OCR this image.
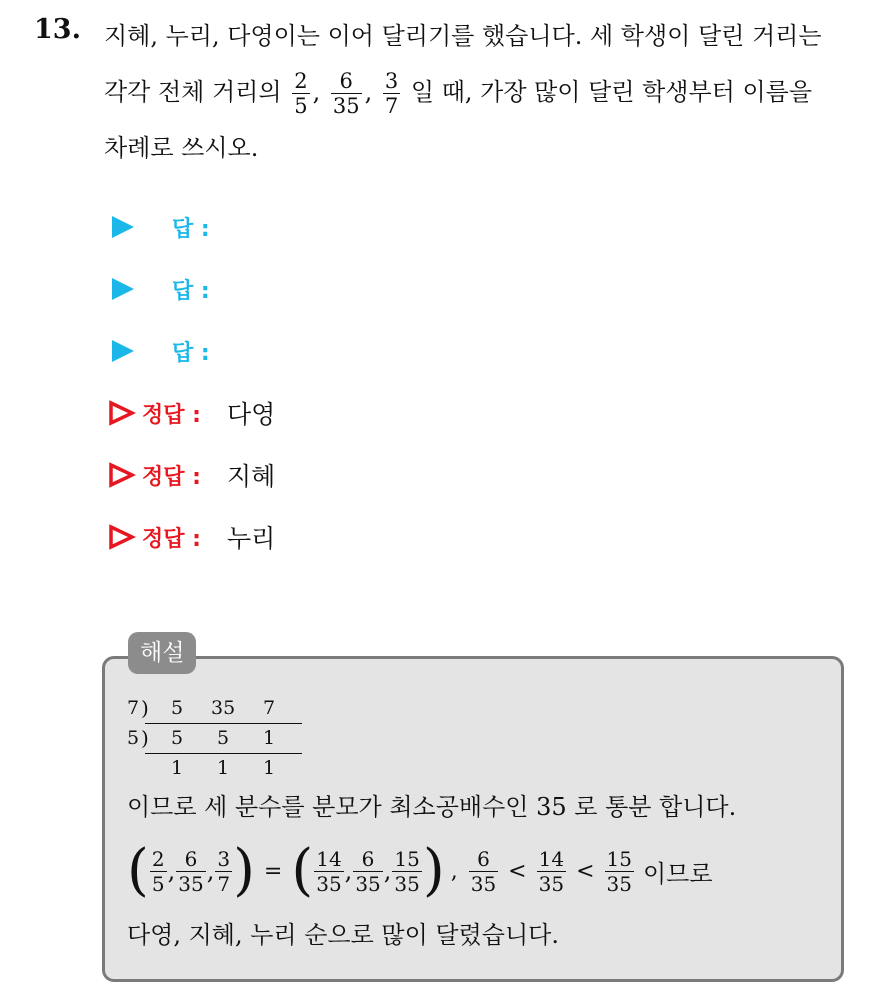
13. 지혜, 누리, 다영이는 이어 달리기를 했습니다. 세 학생이 달린 거리는
각각 전체 거리의 $\frac{2}{5}$ , $\frac{6}{35}$ , $\frac{3}{7}$ 일 때, 가장 많이 달린 학생부터 이름을
차례로 쓰시오.
답 :
답 :
답 :
정답 : 다영
정답 : 지혜
정답 : 누리
해설
7 ) 5 35 7
5 ) 5 5 1
1 1 1
이므로 세 분수를 분모가 최소공배수인 35 로 통분 합니다.
( $\frac{2}{5}$ , $\frac{6}{35}$ , $\frac{3}{7}$ ) = ( $\frac{14}{35}$ , $\frac{6}{35}$ , $\frac{15}{35}$ ) , $\frac{6}{35} < \frac{14}{35} < \frac{15}{35}$ 이므로
다영, 지혜, 누리 순으로 많이 달렸습니다.
